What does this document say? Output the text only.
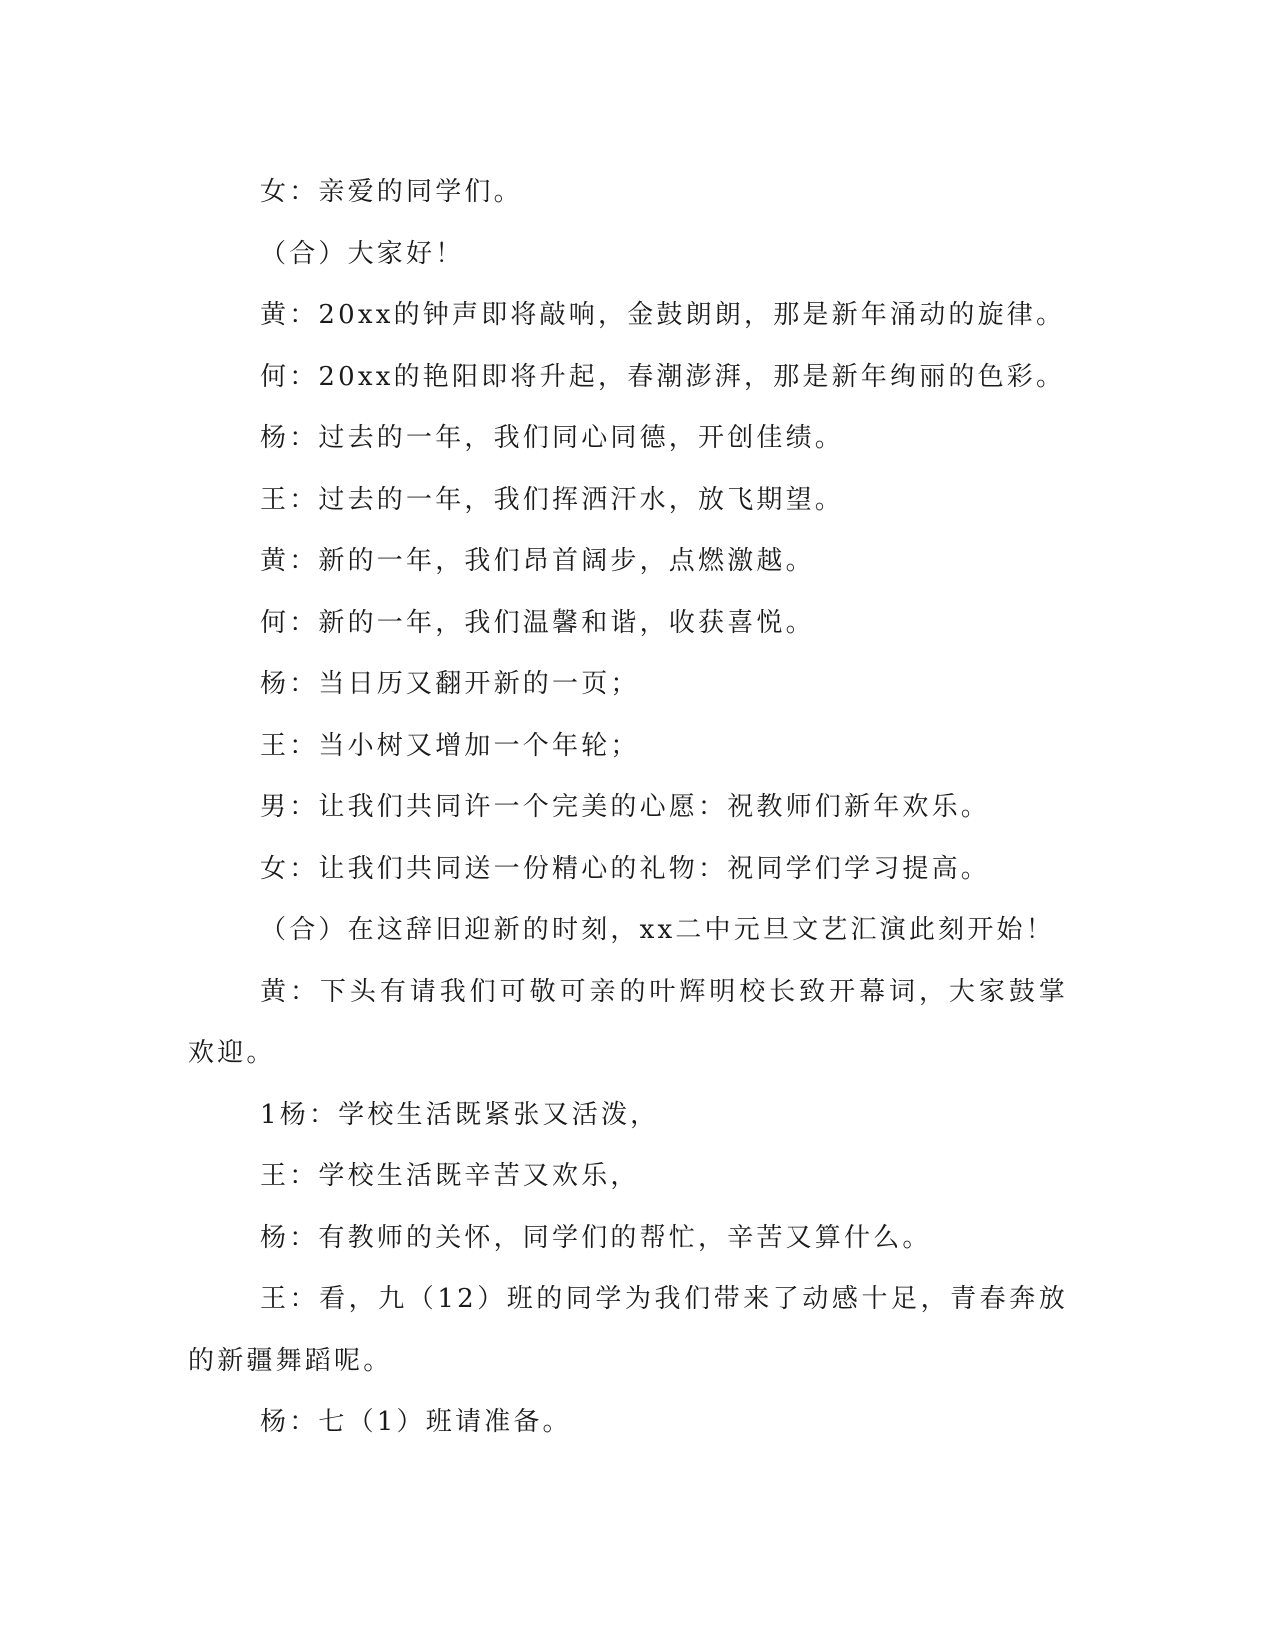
女：亲爱的同学们。

（合）大家好！

黄：20xx的钟声即将敲响，金鼓朗朗，那是新年涌动的旋律。

何：20xx的艳阳即将升起，春潮澎湃，那是新年绚丽的色彩。

杨：过去的一年，我们同心同德，开创佳绩。

王：过去的一年，我们挥洒汗水，放飞期望。

黄：新的一年，我们昂首阔步，点燃激越。

何：新的一年，我们温馨和谐，收获喜悦。

杨：当日历又翻开新的一页；

王：当小树又增加一个年轮；

男：让我们共同许一个完美的心愿：祝教师们新年欢乐。

女：让我们共同送一份精心的礼物：祝同学们学习提高。

（合）在这辞旧迎新的时刻，xx二中元旦文艺汇演此刻开始！

黄：下头有请我们可敬可亲的叶辉明校长致开幕词，大家鼓掌欢迎。

1杨：学校生活既紧张又活泼，

王：学校生活既辛苦又欢乐，

杨：有教师的关怀，同学们的帮忙，辛苦又算什么。

王：看，九（12）班的同学为我们带来了动感十足，青春奔放的新疆舞蹈呢。

杨：七（1）班请准备。
